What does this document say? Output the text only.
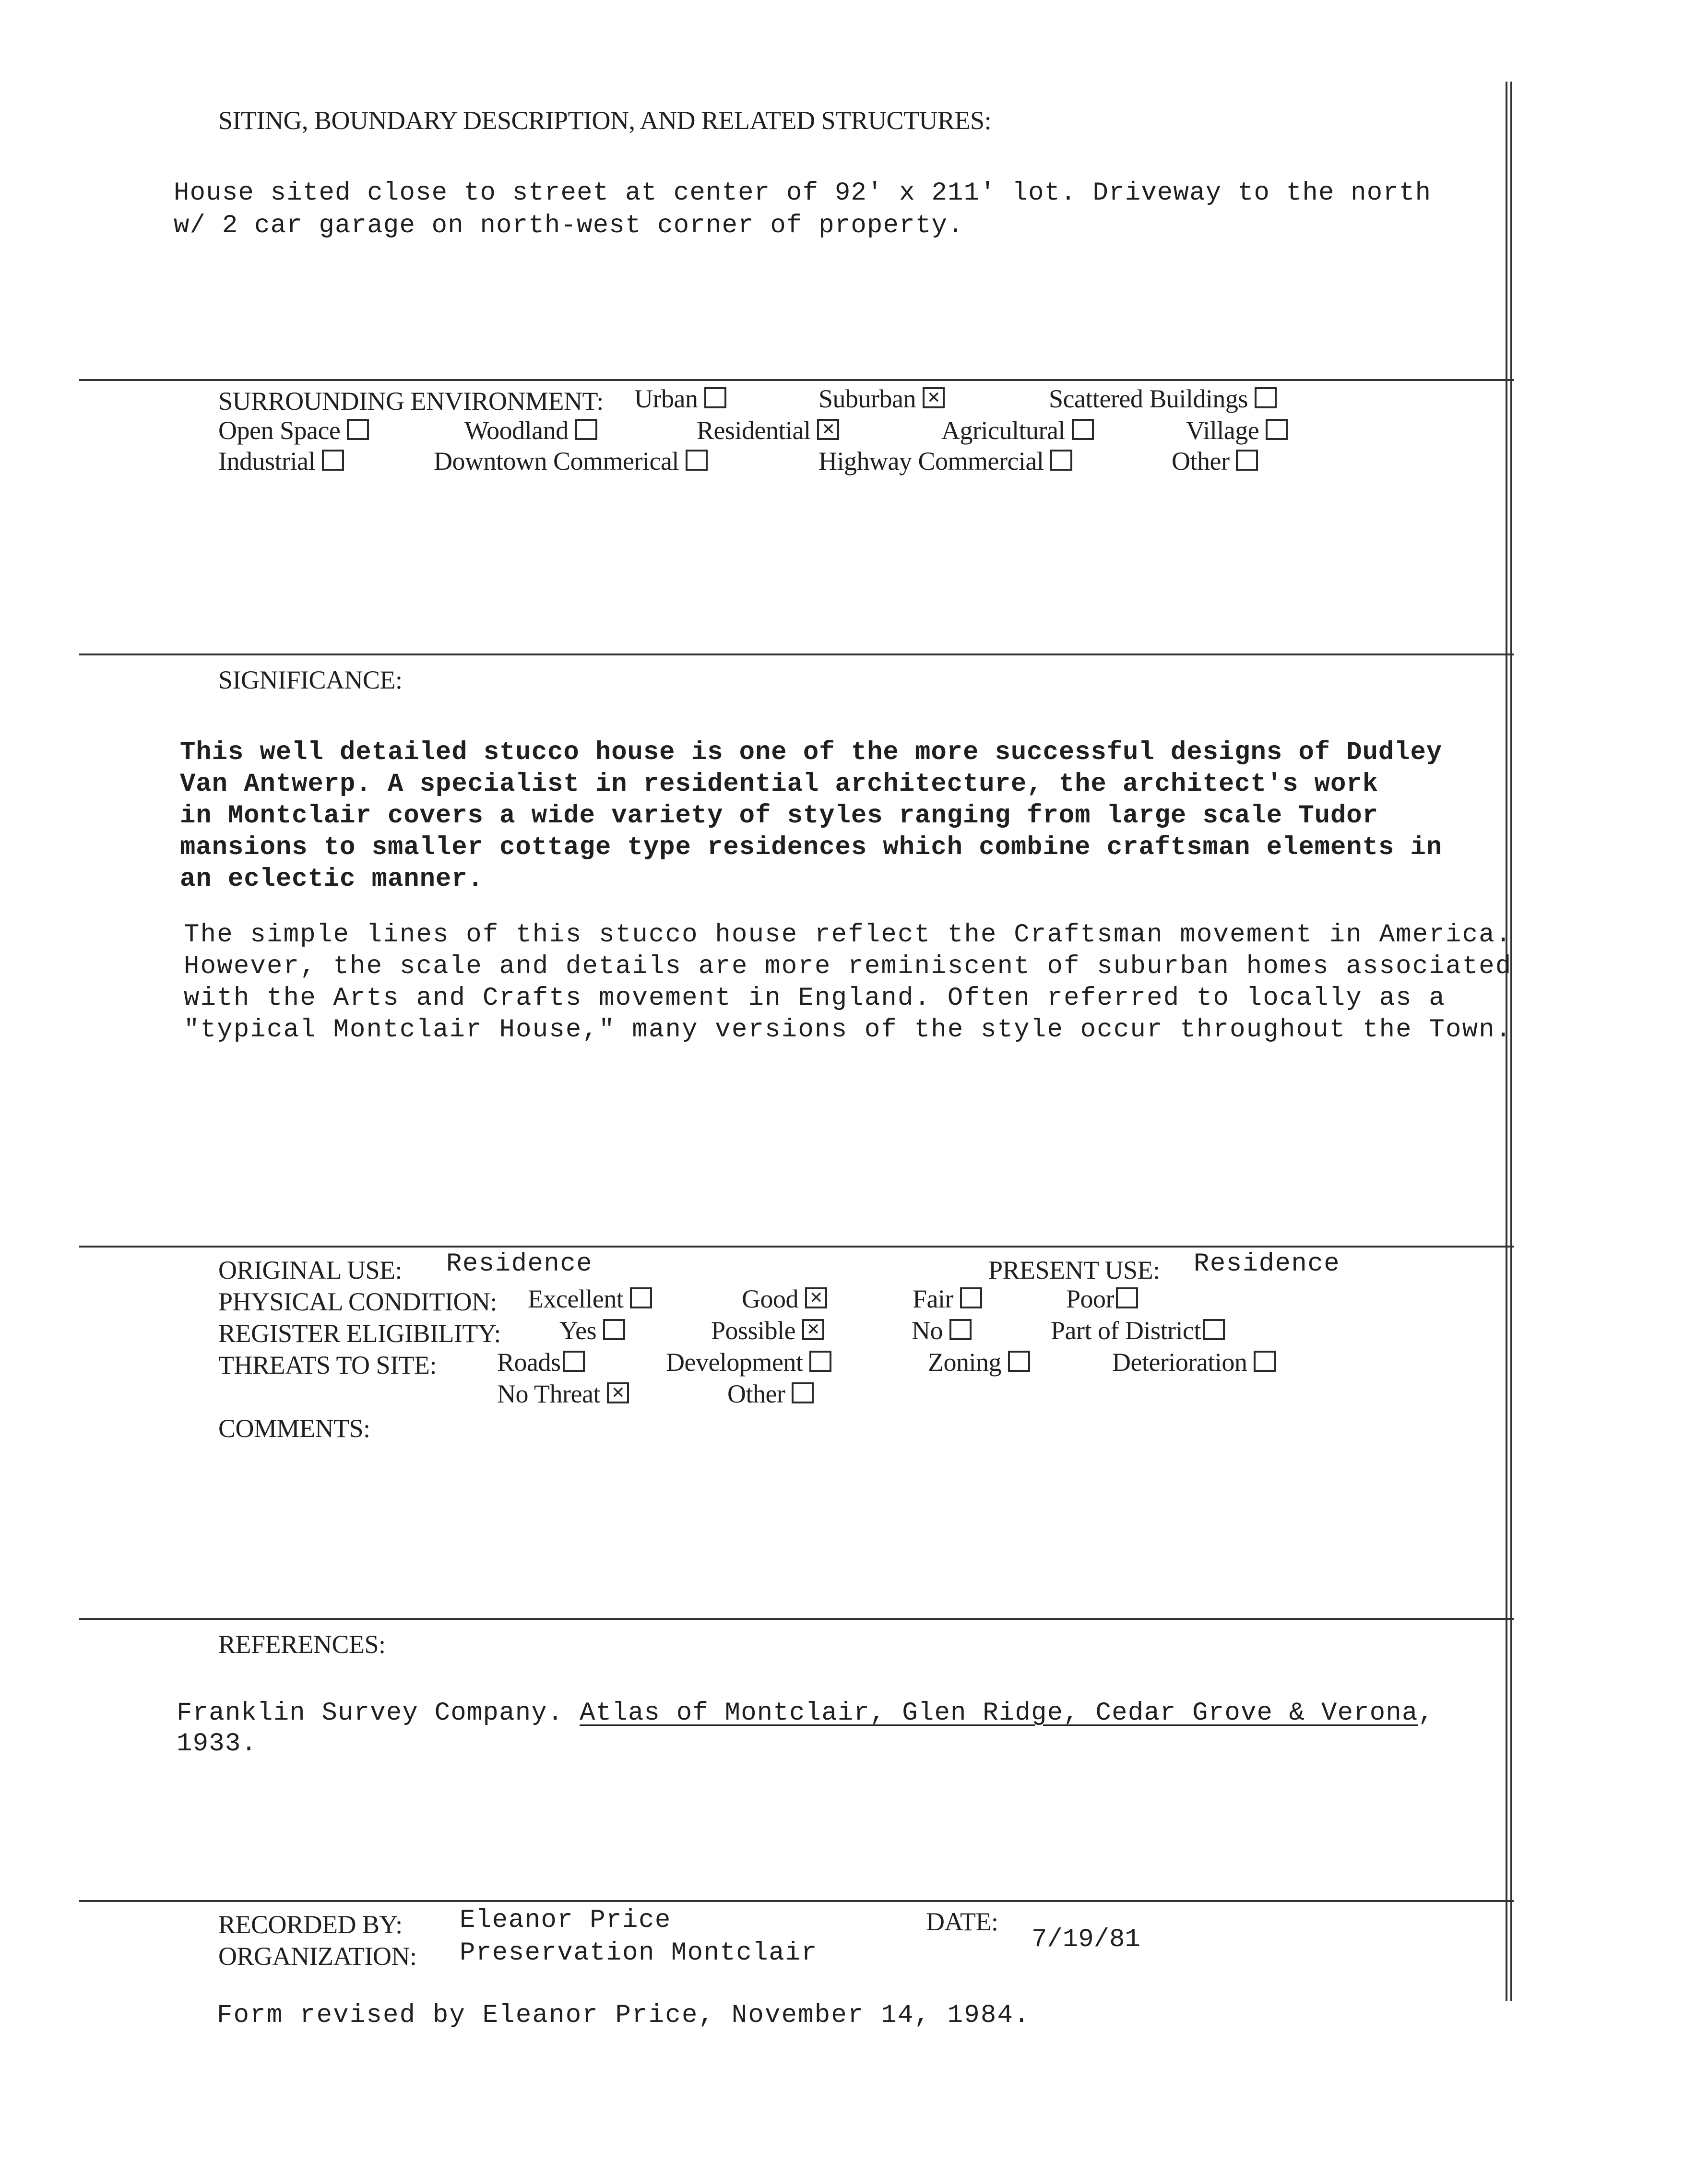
SITING, BOUNDARY DESCRIPTION, AND RELATED STRUCTURES:
House sited close to street at center of 92' x 211' lot. Driveway to the north
w/ 2 car garage on north-west corner of property.
SURROUNDING ENVIRONMENT: Urban	Suburban ✕	Scattered Buildings
Open Space	Woodland	Residential ✕	Agricultural	Village
Industrial	Downtown Commerical	Highway Commercial	Other
SIGNIFICANCE:
This well detailed stucco house is one of the more successful designs of Dudley
Van Antwerp. A specialist in residential architecture, the architect's work
in Montclair covers a wide variety of styles ranging from large scale Tudor
mansions to smaller cottage type residences which combine craftsman elements in
an eclectic manner.
The simple lines of this stucco house reflect the Craftsman movement in America.
However, the scale and details are more reminiscent of suburban homes associated
with the Arts and Crafts movement in England. Often referred to locally as a
"typical Montclair House," many versions of the style occur throughout the Town.
ORIGINAL USE: Residence	PRESENT USE: Residence
PHYSICAL CONDITION: Excellent	Good ✕	Fair	Poor
REGISTER ELIGIBILITY: Yes	Possible ✕	No	Part of District
THREATS TO SITE: Roads	Development	Zoning	Deterioration
No Threat ✕	Other
COMMENTS:
REFERENCES:
Franklin Survey Company. Atlas of Montclair, Glen Ridge, Cedar Grove & Verona,
1933.
RECORDED BY: Eleanor Price
ORGANIZATION: Preservation Montclair
DATE:
7/19/81
Form revised by Eleanor Price, November 14, 1984.
